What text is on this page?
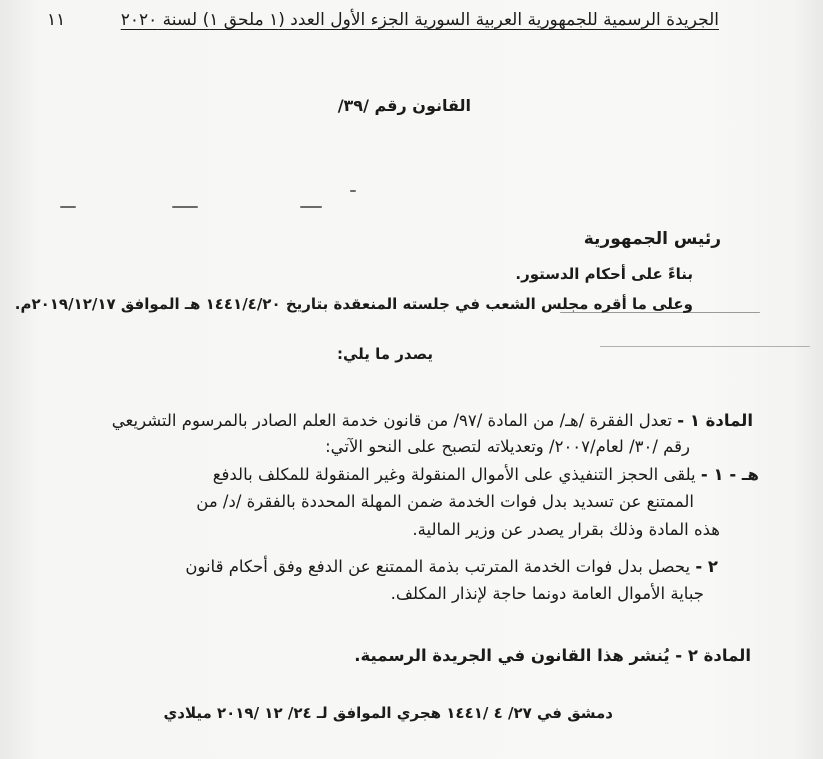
الجريدة الرسمية للجمهورية العربية السورية الجزء الأول العدد (١ ملحق ١) لسنة ٢٠٢٠
١١
القانون رقم /٣٩/
رئيس الجمهورية
بناءً على أحكام الدستور.
وعلى ما أقره مجلس الشعب في جلسته المنعقدة بتاريخ ١٤٤١/٤/٢٠ هـ الموافق ٢٠١٩/١٢/١٧م.
يصدر ما يلي:
المادة ١ - تعدل الفقرة /هـ/ من المادة /٩٧/ من قانون خدمة العلم الصادر بالمرسوم التشريعي
رقم /٣٠/ لعام/٢٠٠٧/ وتعديلاته لتصبح على النحو الآتي:
هـ - ١ - يلقى الحجز التنفيذي على الأموال المنقولة وغير المنقولة للمكلف بالدفع
الممتنع عن تسديد بدل فوات الخدمة ضمن المهلة المحددة بالفقرة /د/ من
هذه المادة وذلك بقرار يصدر عن وزير المالية.
٢ - يحصل بدل فوات الخدمة المترتب بذمة الممتنع عن الدفع وفق أحكام قانون
جباية الأموال العامة دونما حاجة لإنذار المكلف.
المادة ٢ - يُنشر هذا القانون في الجريدة الرسمية.
دمشق في ٢٧/ ٤ /١٤٤١ هجري الموافق لـ ٢٤/ ١٢ /٢٠١٩ ميلادي
